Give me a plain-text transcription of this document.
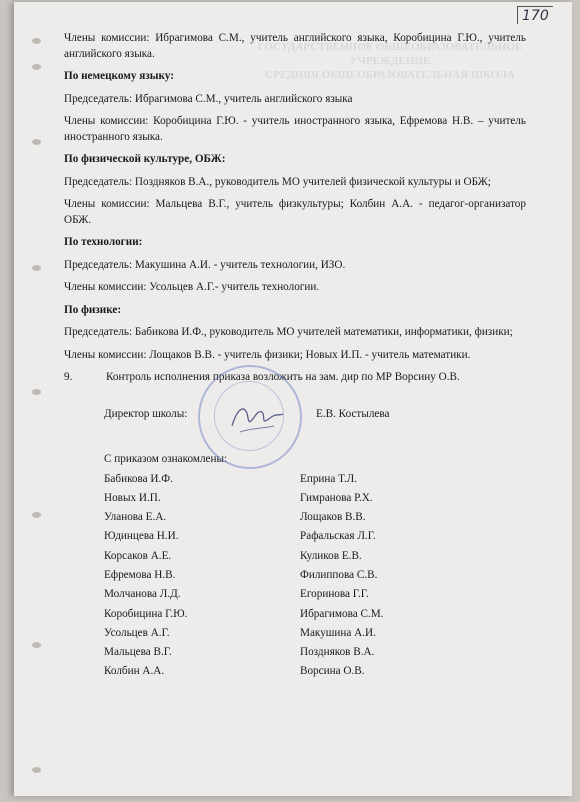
ГОСУДАРСТВЕННОЕ ОБЩЕОБРАЗОВАТЕЛЬНОЕ
УЧРЕЖДЕНИЕ
СРЕДНЯЯ ОБЩЕОБРАЗОВАТЕЛЬНАЯ ШКОЛА
170
Члены комиссии: Ибрагимова С.М., учитель английского языка, Коробицина Г.Ю., учитель английского языка.
По немецкому языку:
Председатель: Ибрагимова С.М., учитель английского языка
Члены комиссии: Коробицина Г.Ю. - учитель иностранного языка, Ефремова Н.В. – учитель иностранного языка.
По физической культуре, ОБЖ:
Председатель: Поздняков В.А., руководитель МО учителей физической культуры и ОБЖ;
Члены комиссии: Мальцева В.Г., учитель физкультуры; Колбин А.А. - педагог-организатор ОБЖ.
По технологии:
Председатель: Макушина А.И. - учитель технологии, ИЗО.
Члены комиссии: Усольцев А.Г.- учитель технологии.
По физике:
Председатель: Бабикова И.Ф., руководитель МО учителей математики, информатики, физики;
Члены комиссии: Лощаков В.В. - учитель физики; Новых И.П. - учитель математики.
9.	Контроль исполнения приказа возложить на зам. дир по МР Ворсину О.В.
Директор школы:	Е.В. Костылева
С приказом ознакомлены:
Бабикова И.Ф.	Еприна Т.Л.
Новых И.П.	Гимранова Р.Х.
Уланова Е.А.	Лощаков В.В.
Юдинцева Н.И.	Рафальская Л.Г.
Корсаков А.Е.	Куликов Е.В.
Ефремова Н.В.	Филиппова С.В.
Молчанова Л.Д.	Егоринова Г.Г.
Коробицина Г.Ю.	Ибрагимова С.М.
Усольцев А.Г.	Макушина А.И.
Мальцева В.Г.	Поздняков В.А.
Колбин А.А.	Ворсина О.В.
